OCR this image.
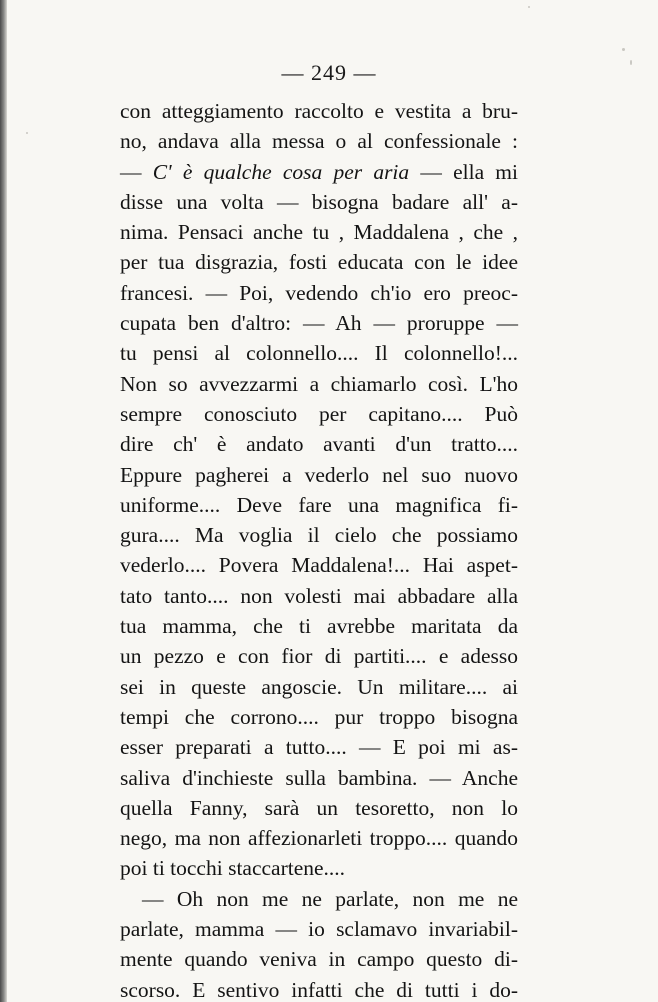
— 249 —
con atteggiamento raccolto e vestita a bru-
no, andava alla messa o al confessionale :
— C' è qualche cosa per aria — ella mi
disse una volta — bisogna badare all' a-
nima. Pensaci anche tu , Maddalena , che ,
per tua disgrazia, fosti educata con le idee
francesi. — Poi, vedendo ch'io ero preoc-
cupata ben d'altro: — Ah — proruppe —
tu pensi al colonnello.... Il colonnello!...
Non so avvezzarmi a chiamarlo così. L'ho
sempre conosciuto per capitano.... Può
dire ch' è andato avanti d'un tratto....
Eppure pagherei a vederlo nel suo nuovo
uniforme.... Deve fare una magnifica fi-
gura.... Ma voglia il cielo che possiamo
vederlo.... Povera Maddalena!... Hai aspet-
tato tanto.... non volesti mai abbadare alla
tua mamma, che ti avrebbe maritata da
un pezzo e con fior di partiti.... e adesso
sei in queste angoscie. Un militare.... ai
tempi che corrono.... pur troppo bisogna
esser preparati a tutto.... — E poi mi as-
saliva d'inchieste sulla bambina. — Anche
quella Fanny, sarà un tesoretto, non lo
nego, ma non affezionarleti troppo.... quando
poi ti tocchi staccartene....
— Oh non me ne parlate, non me ne
parlate, mamma — io sclamavo invariabil-
mente quando veniva in campo questo di-
scorso. E sentivo infatti che di tutti i do-
